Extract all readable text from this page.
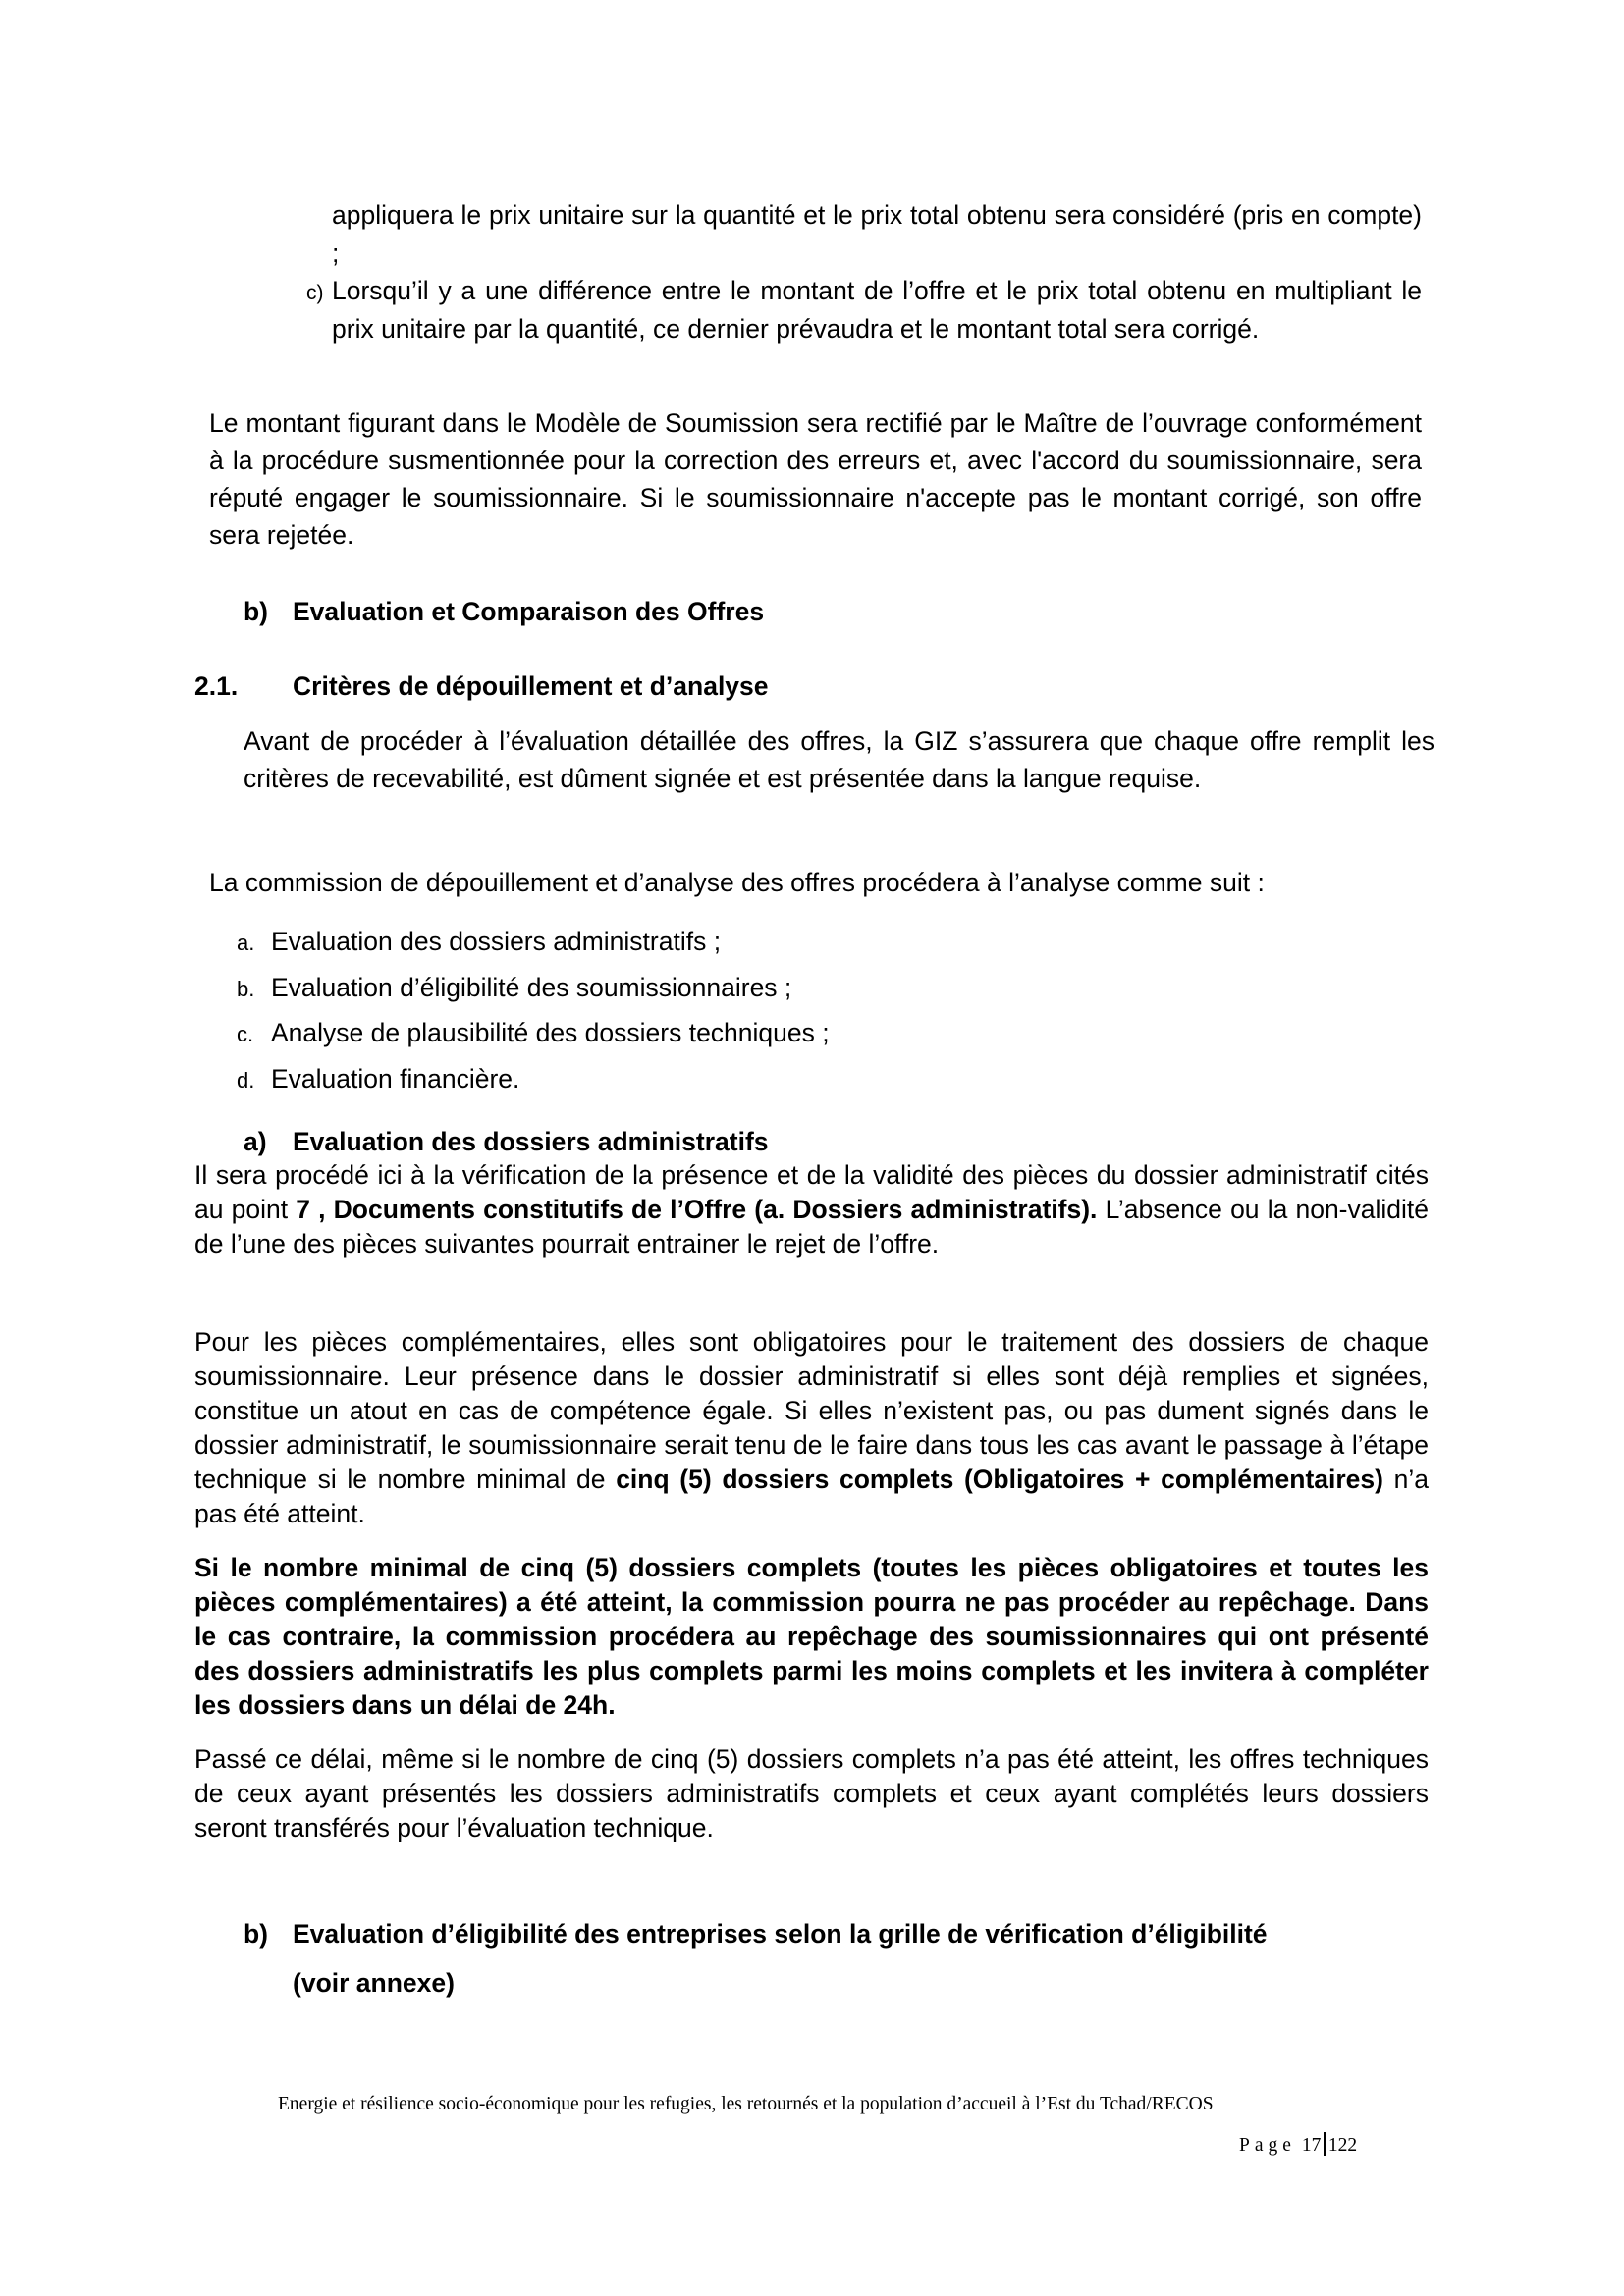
appliquera le prix unitaire sur la quantité et le prix total obtenu sera considéré (pris en compte) ;
c) Lorsqu’il y a une différence entre le montant de l’offre et le prix total obtenu en multipliant le prix unitaire par la quantité, ce dernier prévaudra et le montant total sera corrigé.

Le montant figurant dans le Modèle de Soumission sera rectifié par le Maître de l’ouvrage conformément à la procédure susmentionnée pour la correction des erreurs et, avec l'accord du soumissionnaire, sera réputé engager le soumissionnaire. Si le soumissionnaire n'accepte pas le montant corrigé, son offre sera rejetée.

b) Evaluation et Comparaison des Offres
2.1. Critères de dépouillement et d’analyse

Avant de procéder à l’évaluation détaillée des offres, la GIZ s’assurera que chaque offre remplit les critères de recevabilité, est dûment signée et est présentée dans la langue requise.

La commission de dépouillement et d’analyse des offres procédera à l’analyse comme suit :

a. Evaluation des dossiers administratifs ;
b. Evaluation d’éligibilité des soumissionnaires ;
c. Analyse de plausibilité des dossiers techniques ;
d. Evaluation financière.
a) Evaluation des dossiers administratifs

Il sera procédé ici à la vérification de la présence et de la validité des pièces du dossier administratif cités au point 7 , Documents constitutifs de l’Offre (a. Dossiers administratifs). L’absence ou la non-validité de l’une des pièces suivantes pourrait entrainer le rejet de l’offre.

Pour les pièces complémentaires, elles sont obligatoires pour le traitement des dossiers de chaque soumissionnaire. Leur présence dans le dossier administratif si elles sont déjà remplies et signées, constitue un atout en cas de compétence égale. Si elles n’existent pas, ou pas dument signés dans le dossier administratif, le soumissionnaire serait tenu de le faire dans tous les cas avant le passage à l’étape technique si le nombre minimal de cinq (5) dossiers complets (Obligatoires + complémentaires) n’a pas été atteint.

Si le nombre minimal de cinq (5) dossiers complets (toutes les pièces obligatoires et toutes les pièces complémentaires) a été atteint, la commission pourra ne pas procéder au repêchage. Dans le cas contraire, la commission procédera au repêchage des soumissionnaires qui ont présenté des dossiers administratifs les plus complets parmi les moins complets et les invitera à compléter les dossiers dans un délai de 24h.

Passé ce délai, même si le nombre de cinq (5) dossiers complets n’a pas été atteint, les offres techniques de ceux ayant présentés les dossiers administratifs complets et ceux ayant complétés leurs dossiers seront transférés pour l’évaluation technique.

b) Evaluation d’éligibilité des entreprises selon la grille de vérification d’éligibilité
(voir annexe)
Energie et résilience socio-économique pour les refugies, les retournés et la population d’accueil à l’Est du Tchad/RECOS
Page 17 122
